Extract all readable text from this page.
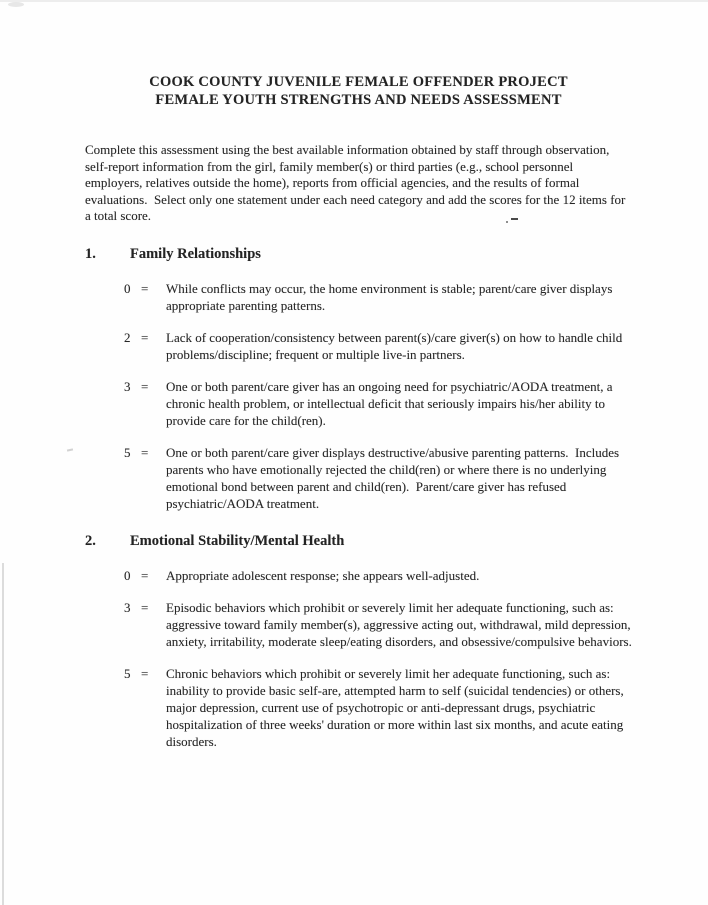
COOK COUNTY JUVENILE FEMALE OFFENDER PROJECT
FEMALE YOUTH STRENGTHS AND NEEDS ASSESSMENT
Complete this assessment using the best available information obtained by staff through observation, self-report information from the girl, family member(s) or third parties (e.g., school personnel employers, relatives outside the home), reports from official agencies, and the results of formal evaluations.  Select only one statement under each need category and add the scores for the 12 items for a total score.
1.	Family Relationships
0 =	While conflicts may occur, the home environment is stable; parent/care giver displays appropriate parenting patterns.
2 =	Lack of cooperation/consistency between parent(s)/care giver(s) on how to handle child problems/discipline; frequent or multiple live-in partners.
3 =	One or both parent/care giver has an ongoing need for psychiatric/AODA treatment, a chronic health problem, or intellectual deficit that seriously impairs his/her ability to provide care for the child(ren).
5 =	One or both parent/care giver displays destructive/abusive parenting patterns.  Includes parents who have emotionally rejected the child(ren) or where there is no underlying emotional bond between parent and child(ren).  Parent/care giver has refused psychiatric/AODA treatment.
2.	Emotional Stability/Mental Health
0 =	Appropriate adolescent response; she appears well-adjusted.
3 =	Episodic behaviors which prohibit or severely limit her adequate functioning, such as: aggressive toward family member(s), aggressive acting out, withdrawal, mild depression, anxiety, irritability, moderate sleep/eating disorders, and obsessive/compulsive behaviors.
5 =	Chronic behaviors which prohibit or severely limit her adequate functioning, such as: inability to provide basic self-are, attempted harm to self (suicidal tendencies) or others, major depression, current use of psychotropic or anti-depressant drugs, psychiatric hospitalization of three weeks' duration or more within last six months, and acute eating disorders.
